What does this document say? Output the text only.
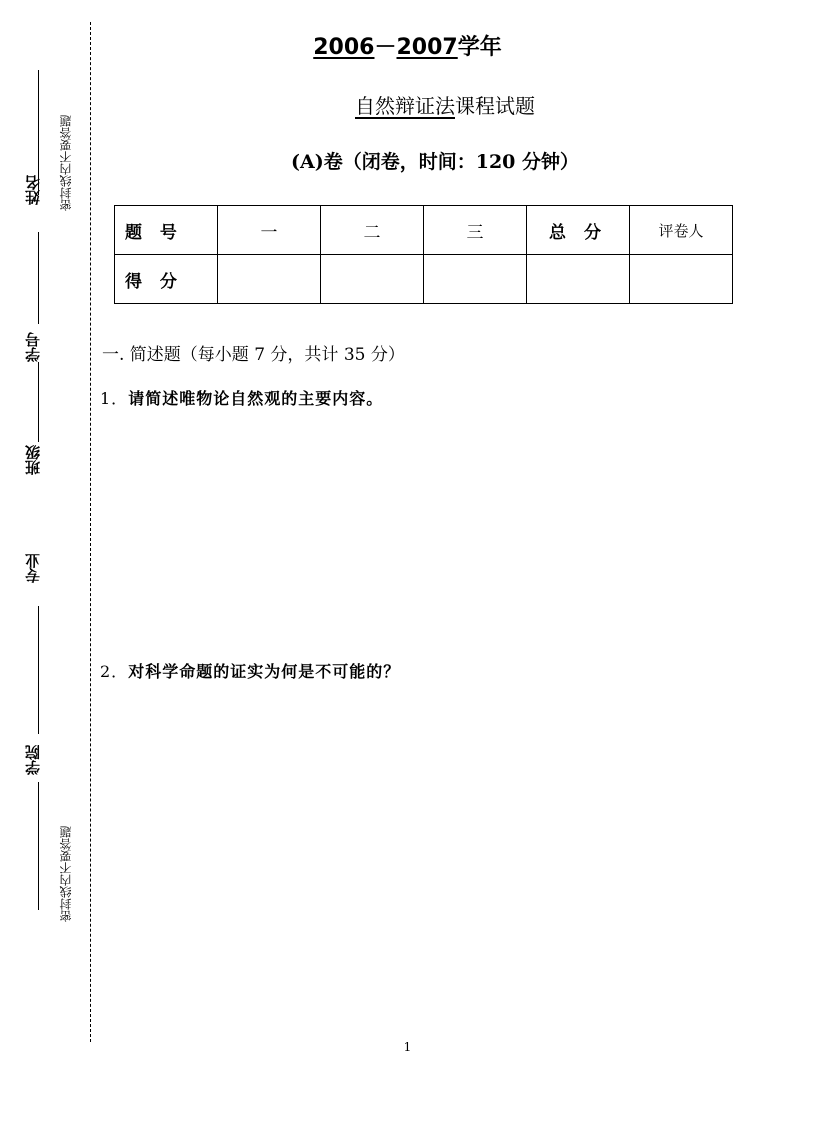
姓名
学号
班级
专业
学院
密封线内不要答题
密封线内不要答题
2006－2007学年
自然辩证法课程试题
(A)卷（闭卷，时间：120 分钟）
题 号	一	二	三	总 分	评卷人
得 分					
一. 简述题（每小题 7 分，共计 35 分）
1．请简述唯物论自然观的主要内容。
2．对科学命题的证实为何是不可能的？
1
